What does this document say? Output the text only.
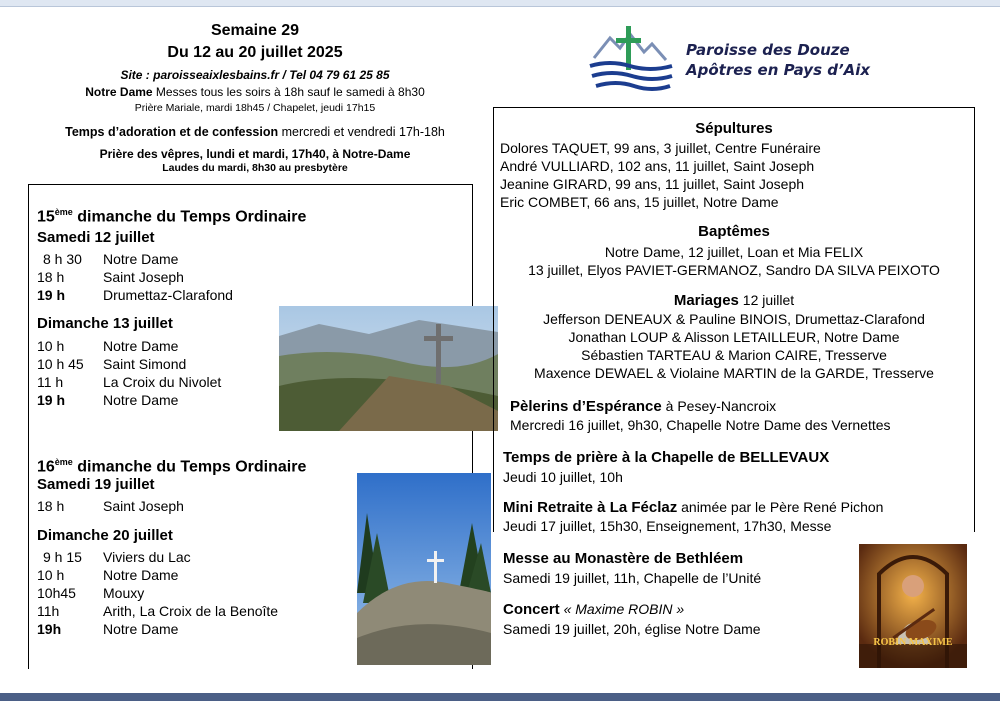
Semaine 29
Du 12 au 20 juillet 2025
Site : paroisseaixlesbains.fr / Tel 04 79 61 25 85
Notre Dame Messes tous les soirs à 18h sauf le samedi à 8h30
Prière Mariale, mardi 18h45 / Chapelet, jeudi 17h15
Temps d’adoration et de confession mercredi et vendredi 17h-18h
Prière des vêpres, lundi et mardi, 17h40, à Notre-Dame
Laudes du mardi, 8h30 au presbytère
Paroisse des Douze
Apôtres en Pays d’Aix
15ème dimanche du Temps Ordinaire
Samedi 12 juillet
8 h 30 Notre Dame
18 h	Saint Joseph
19 h	Drumettaz-Clarafond
Dimanche 13 juillet
10 h	Notre Dame
10 h 45 Saint Simond
11 h	La Croix du Nivolet
19 h	Notre Dame
16ème dimanche du Temps Ordinaire
Samedi 19 juillet
18 h	Saint Joseph
Dimanche 20 juillet
9 h 15 Viviers du Lac
10 h	Notre Dame
10h45 Mouxy
11h	Arith, La Croix de la Benoîte
19h	Notre Dame
Sépultures
Dolores TAQUET, 99 ans, 3 juillet, Centre Funéraire
André VULLIARD, 102 ans, 11 juillet, Saint Joseph
Jeanine GIRARD, 99 ans, 11 juillet, Saint Joseph
Eric COMBET, 66 ans, 15 juillet, Notre Dame
Baptêmes
Notre Dame, 12 juillet, Loan et Mia FELIX
13 juillet, Elyos PAVIET-GERMANOZ, Sandro DA SILVA PEIXOTO
Mariages 12 juillet
Jefferson DENEAUX & Pauline BINOIS, Drumettaz-Clarafond
Jonathan LOUP & Alisson LETAILLEUR, Notre Dame
Sébastien TARTEAU & Marion CAIRE, Tresserve
Maxence DEWAEL & Violaine MARTIN de la GARDE, Tresserve
Pèlerins d’Espérance à Pesey-Nancroix
Mercredi 16 juillet, 9h30, Chapelle Notre Dame des Vernettes
Temps de prière à la Chapelle de BELLEVAUX
Jeudi 10 juillet, 10h
Mini Retraite à La Féclaz animée par le Père René Pichon
Jeudi 17 juillet, 15h30, Enseignement, 17h30, Messe
Messe au Monastère de Bethléem
Samedi 19 juillet, 11h, Chapelle de l’Unité
Concert « Maxime ROBIN »
Samedi 19 juillet, 20h, église Notre Dame
ROBIN MAXIME
